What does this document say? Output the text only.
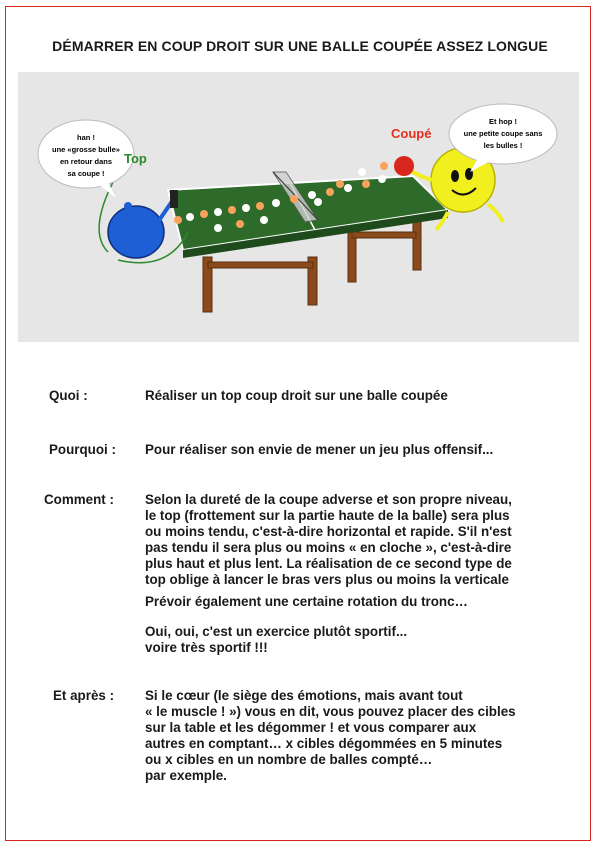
DÉMARRER EN COUP DROIT SUR UNE BALLE COUPÉE ASSEZ LONGUE
han !
une «grosse bulle»
en retour dans
sa coupe !
Et hop !
une petite coupe sans
les bulles !
Top
Coupé
Quoi :	Réaliser un top coup droit sur une balle coupée

Pourquoi : Pour réaliser son envie de mener un jeu plus offensif...

Comment : Selon la dureté de la coupe adverse et son propre niveau,

le top (frottement sur la partie haute de la balle) sera plus

ou moins tendu, c'est-à-dire horizontal et rapide. S'il n'est

pas tendu il sera plus ou moins « en cloche », c'est-à-dire

plus haut et plus lent. La réalisation de ce second type de

top oblige à lancer le bras vers plus ou moins la verticale

Prévoir également une certaine rotation du tronc…

Oui, oui, c'est un exercice plutôt sportif...

voire très sportif !!!

Et après : Si le cœur (le siège des émotions, mais avant tout

« le muscle ! ») vous en dit, vous pouvez placer des cibles

sur la table et les dégommer ! et vous comparer aux

autres en comptant… x cibles dégommées en 5 minutes

ou x cibles en un nombre de balles compté…

par exemple.
